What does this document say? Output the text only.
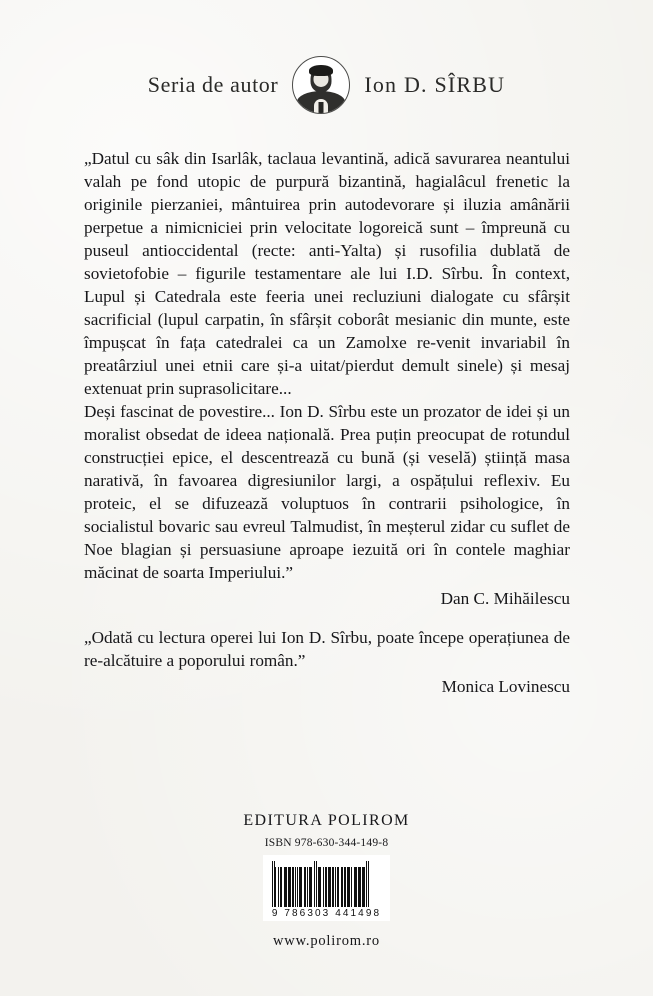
Seria de autor	Ion D. SÎRBU

„Datul cu sâk din Isarlâk, taclaua levantină, adică savurarea neantului valah pe fond utopic de purpură bizantină, hagialâcul frenetic la originile pierzaniei, mântuirea prin autodevorare și iluzia amânării perpetue a nimicniciei prin velocitate logoreică sunt – împreună cu puseul antioccidental (recte: anti-Yalta) și rusofilia dublată de sovietofobie – figurile testamentare ale lui I.D. Sîrbu. În context, Lupul și Catedrala este feeria unei recluziuni dialogate cu sfârșit sacrificial (lupul carpatin, în sfârșit coborât mesianic din munte, este împușcat în fața catedralei ca un Zamolxe re-venit invariabil în preatârziul unei etnii care și-a uitat/pierdut demult sinele) și mesaj extenuat prin suprasolicitare...

Deși fascinat de povestire... Ion D. Sîrbu este un prozator de idei și un moralist obsedat de ideea națională. Prea puțin preocupat de rotundul construcției epice, el descentrează cu bună (și veselă) știință masa narativă, în favoarea digresiunilor largi, a ospățului reflexiv. Eu proteic, el se difuzează voluptuos în contrarii psihologice, în socialistul bovaric sau evreul Talmudist, în meșterul zidar cu suflet de Noe blagian și persuasiune aproape iezuită ori în contele maghiar măcinat de soarta Imperiului.”

Dan C. Mihăilescu

„Odată cu lectura operei lui Ion D. Sîrbu, poate începe operațiunea de re-alcătuire a poporului român.”

Monica Lovinescu
EDITURA POLIROM
ISBN 978-630-344-149-8
9 786303 441498
www.polirom.ro
